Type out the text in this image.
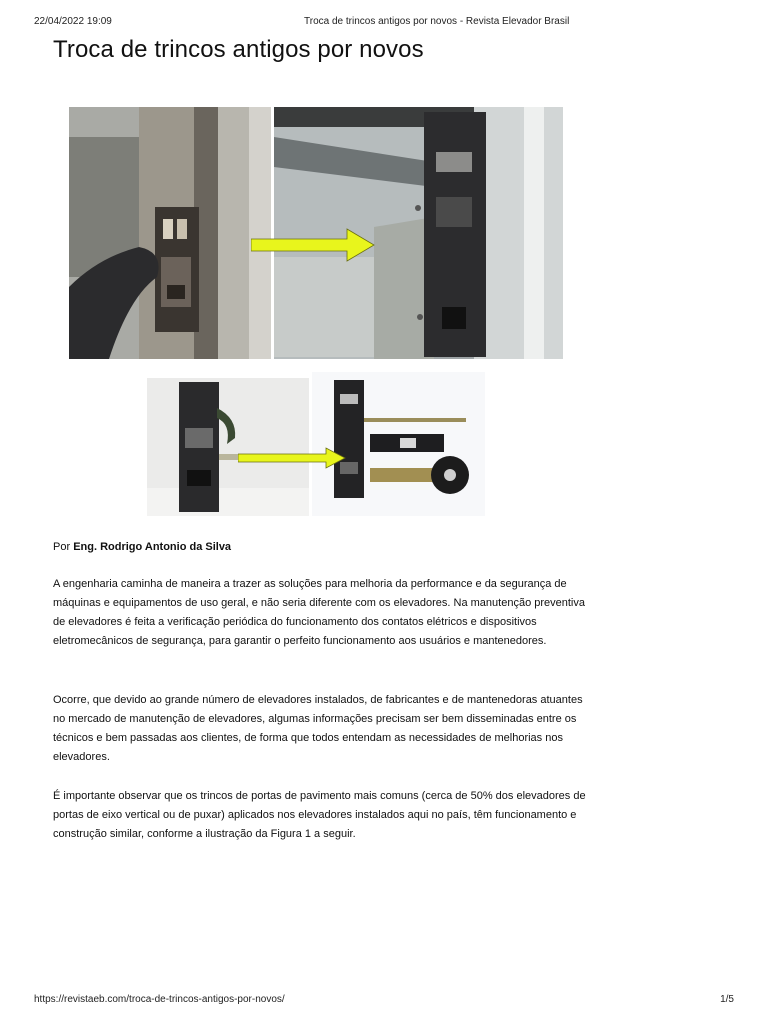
22/04/2022 19:09	Troca de trincos antigos por novos - Revista Elevador Brasil
Troca de trincos antigos por novos

Por Eng. Rodrigo Antonio da Silva

A engenharia caminha de maneira a trazer as soluções para melhoria da performance e da segurança de máquinas e equipamentos de uso geral, e não seria diferente com os elevadores. Na manutenção preventiva de elevadores é feita a verificação periódica do funcionamento dos contatos elétricos e dispositivos eletromecânicos de segurança, para garantir o perfeito funcionamento aos usuários e mantenedores.

Ocorre, que devido ao grande número de elevadores instalados, de fabricantes e de mantenedoras atuantes no mercado de manutenção de elevadores, algumas informações precisam ser bem disseminadas entre os técnicos e bem passadas aos clientes, de forma que todos entendam as necessidades de melhorias nos elevadores.

É importante observar que os trincos de portas de pavimento mais comuns (cerca de 50% dos elevadores de portas de eixo vertical ou de puxar) aplicados nos elevadores instalados aqui no país, têm funcionamento e construção similar, conforme a ilustração da Figura 1 a seguir.

https://revistaeb.com/troca-de-trincos-antigos-por-novos/	1/5
